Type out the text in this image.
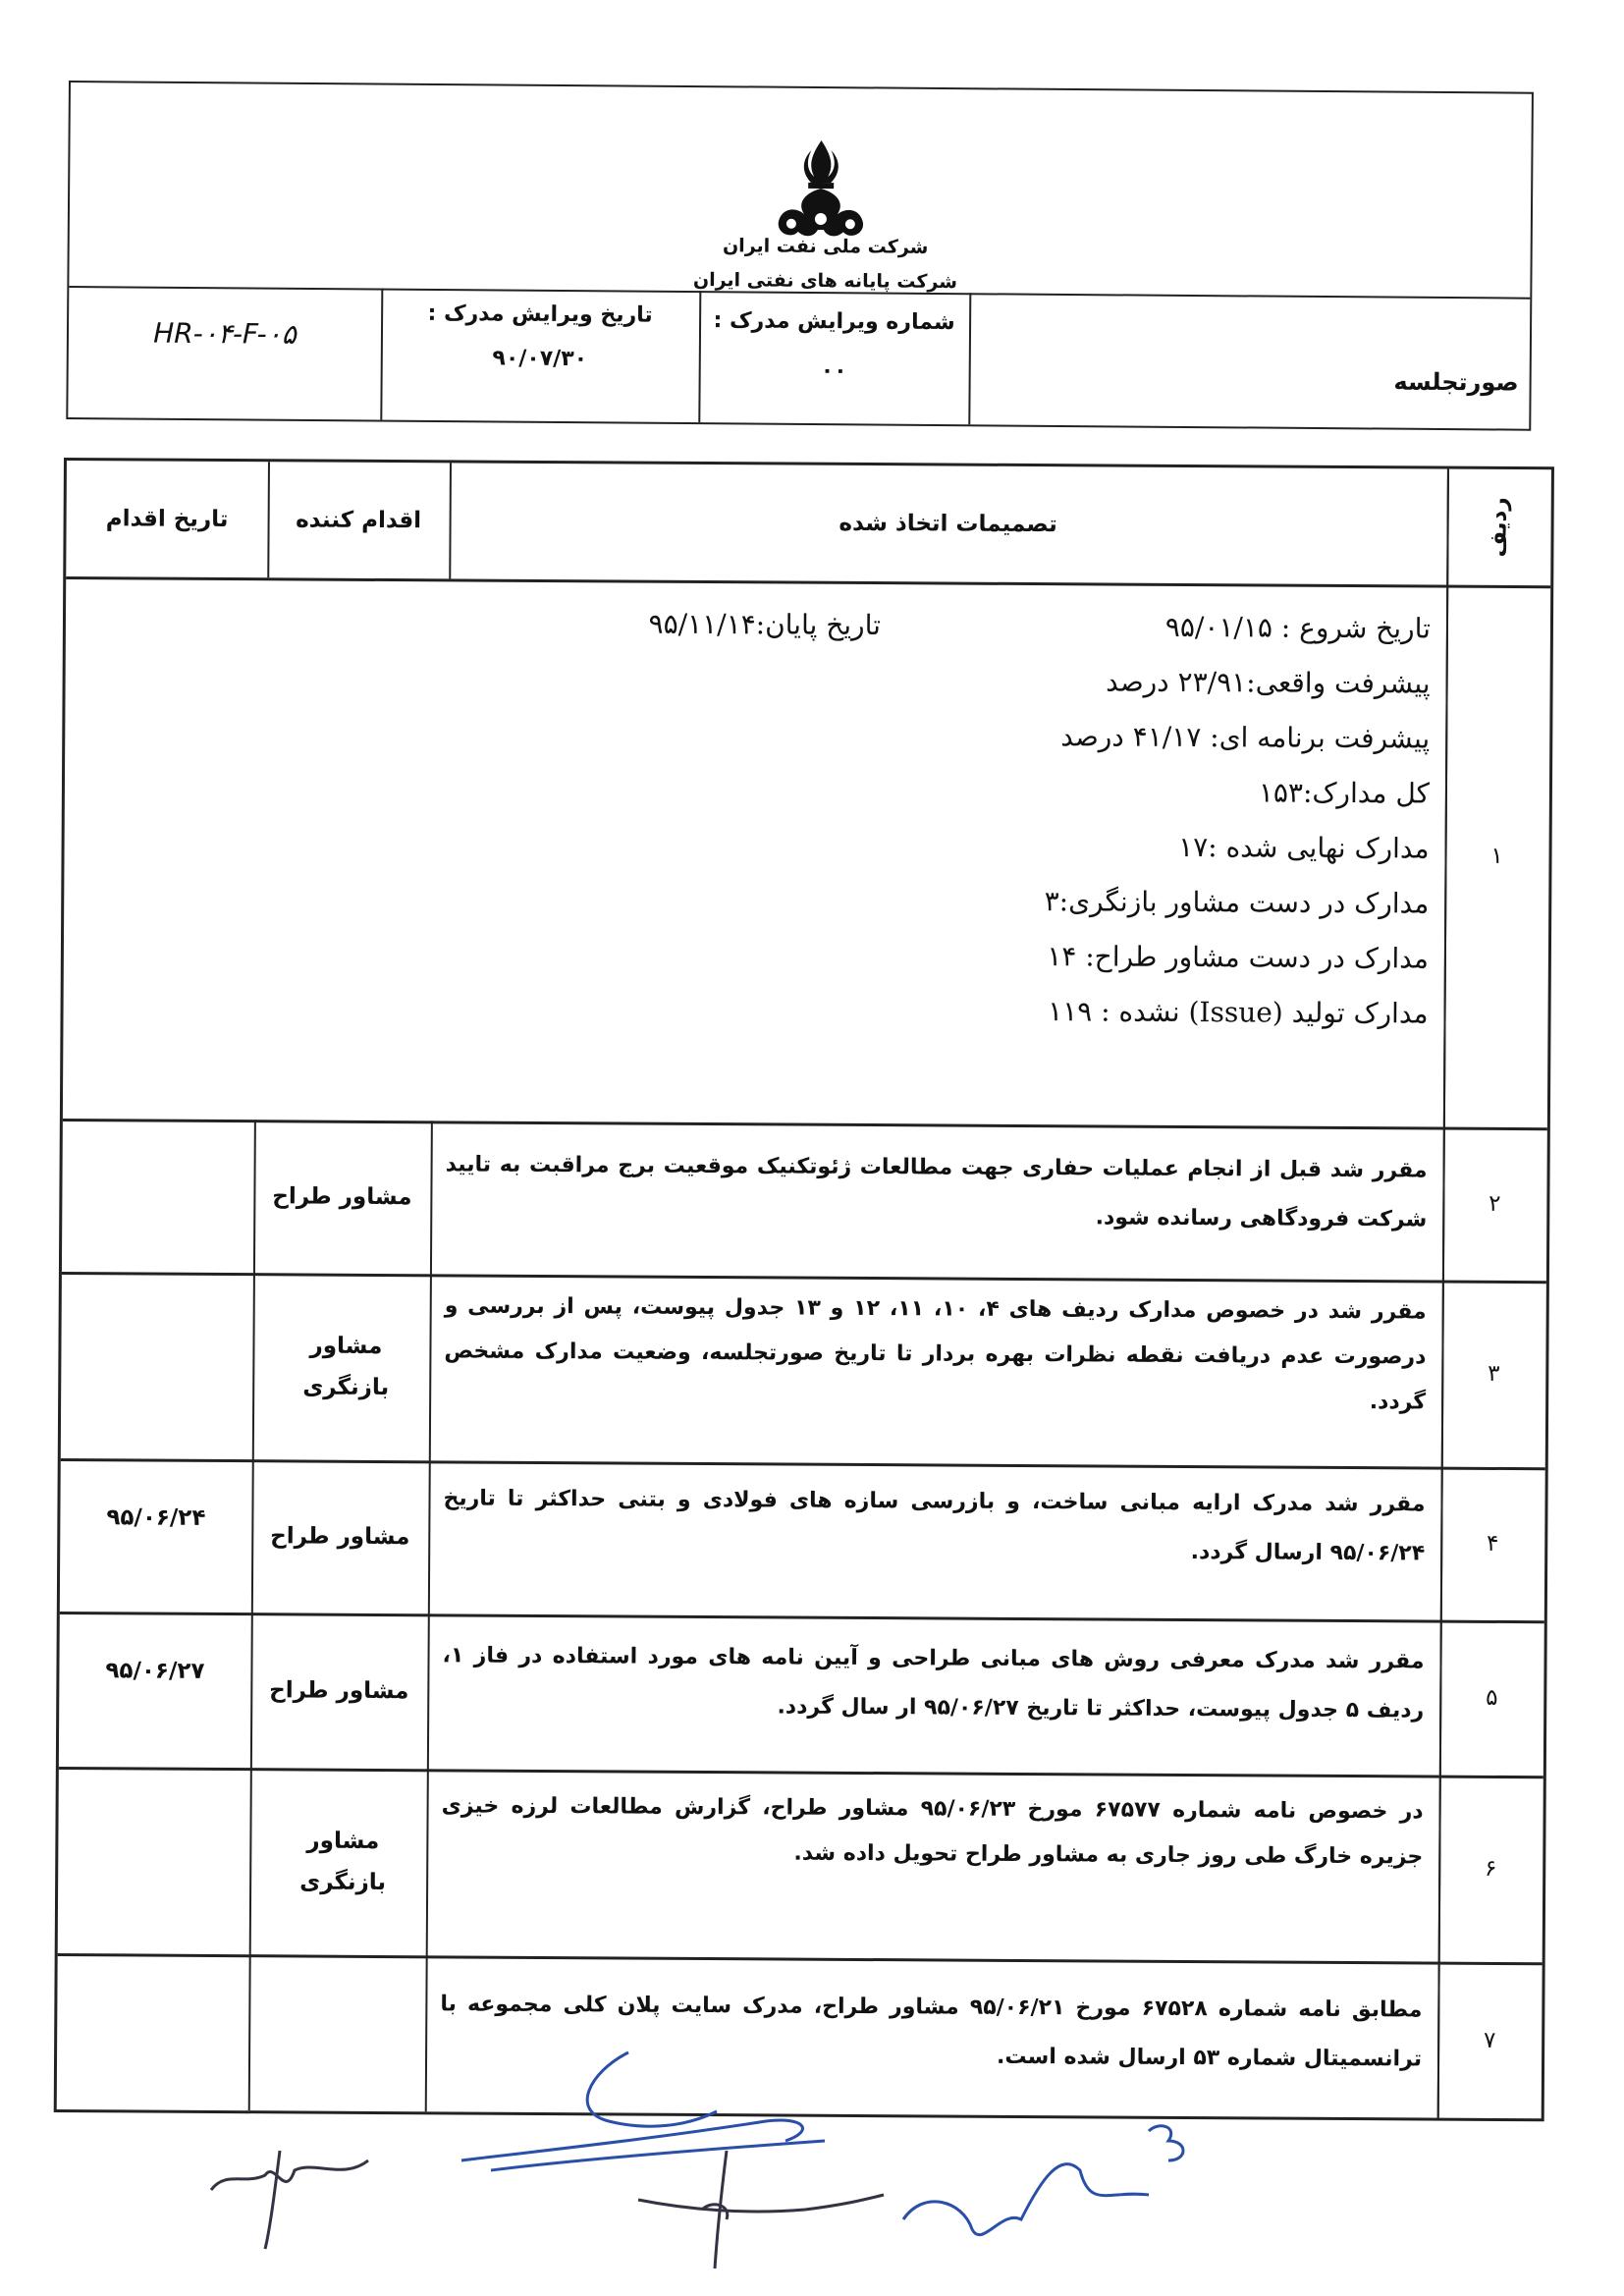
شرکت ملی نفت ایران
شرکت پایانه های نفتی ایران
HR-۰۴-F-۰۵
تاریخ ویرایش مدرک :
۹۰/۰۷/۳۰
شماره ویرایش مدرک :
۰۰	صورتجلسه
ردیف
تصمیمات اتخاذ شده
اقدام کننده
تاریخ اقدام
۱
تاریخ شروع : ۹۵/۰۱/۱۵
تاریخ پایان:۹۵/۱۱/۱۴
پیشرفت واقعی:۲۳/۹۱ درصد
پیشرفت برنامه ای: ۴۱/۱۷ درصد
کل مدارک:۱۵۳
مدارک نهایی شده :۱۷
مدارک در دست مشاور بازنگری:۳
مدارک در دست مشاور طراح: ۱۴
مدارک تولید (Issue) نشده : ۱۱۹
۲
مقرر شد قبل از انجام عملیات حفاری جهت مطالعات ژئوتکنیک موقعیت برج مراقبت به تایید شرکت فرودگاهی رسانده شود.
مشاور طراح
۳
مقرر شد در خصوص مدارک ردیف های ۴، ۱۰، ۱۱، ۱۲ و ۱۳ جدول پیوست، پس از بررسی و درصورت عدم دریافت نقطه نظرات بهره بردار تا تاریخ صورتجلسه، وضعیت مدارک مشخص گردد.
مشاور بازنگری
۴
مقرر شد مدرک ارایه مبانی ساخت، و بازرسی سازه های فولادی و بتنی حداکثر تا تاریخ ۹۵/۰۶/۲۴ ارسال گردد.
مشاور طراح
۹۵/۰۶/۲۴
۵
مقرر شد مدرک معرفی روش های مبانی طراحی و آیین نامه های مورد استفاده در فاز ۱، ردیف ۵ جدول پیوست، حداکثر تا تاریخ ۹۵/۰۶/۲۷ ار سال گردد.
مشاور طراح
۹۵/۰۶/۲۷
۶
در خصوص نامه شماره ۶۷۵۷۷ مورخ ۹۵/۰۶/۲۳ مشاور طراح، گزارش مطالعات لرزه خیزی جزیره خارگ طی روز جاری به مشاور طراح تحویل داده شد.
مشاور بازنگری
۷
مطابق نامه شماره ۶۷۵۲۸ مورخ ۹۵/۰۶/۲۱ مشاور طراح، مدرک سایت پلان کلی مجموعه با ترانسمیتال شماره ۵۳ ارسال شده است.
